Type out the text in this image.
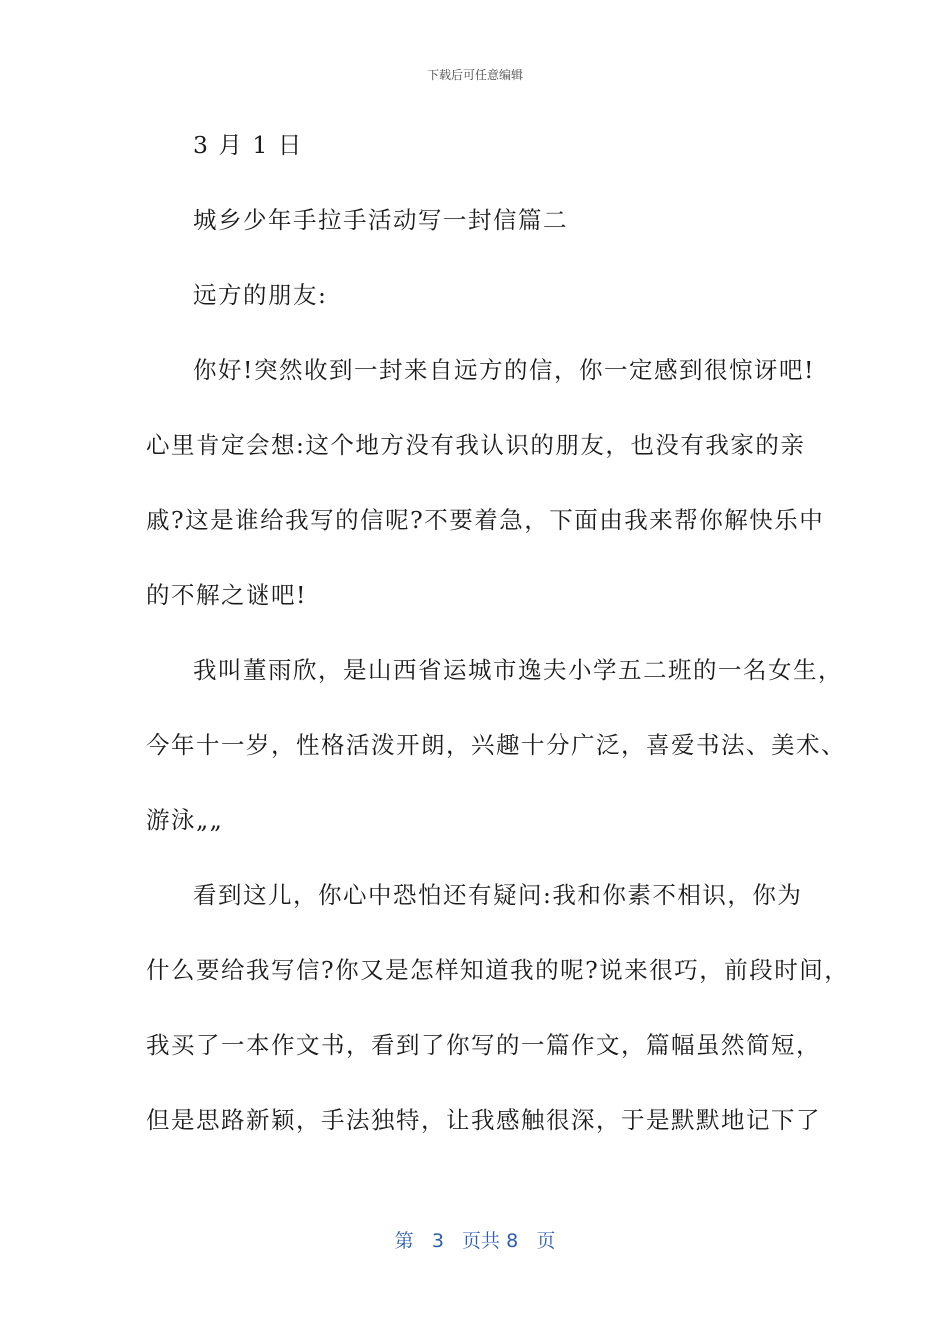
下载后可任意编辑
3 月 1 日
城乡少年手拉手活动写一封信篇二
远方的朋友:
你好!突然收到一封来自远方的信，你一定感到很惊讶吧!
心里肯定会想:这个地方没有我认识的朋友，也没有我家的亲
戚?这是谁给我写的信呢?不要着急，下面由我来帮你解快乐中
的不解之谜吧!
我叫董雨欣，是山西省运城市逸夫小学五二班的一名女生，
今年十一岁，性格活泼开朗，兴趣十分广泛，喜爱书法、美术、
游泳„„
看到这儿，你心中恐怕还有疑问:我和你素不相识，你为
什么要给我写信?你又是怎样知道我的呢?说来很巧，前段时间，
我买了一本作文书，看到了你写的一篇作文，篇幅虽然简短，
但是思路新颖，手法独特，让我感触很深，于是默默地记下了
第 3 页共 8 页
